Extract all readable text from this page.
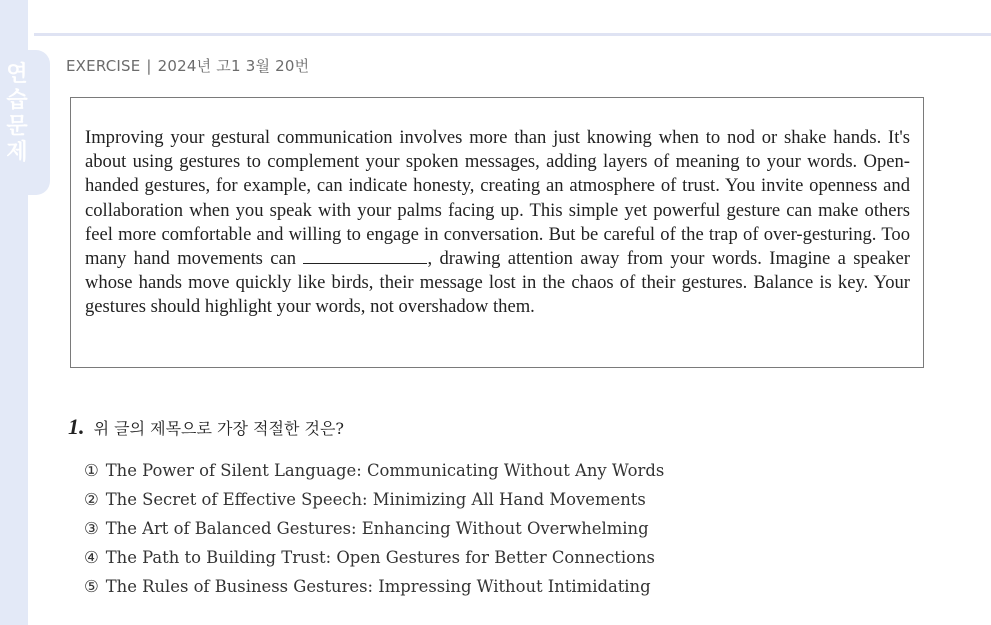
연
습
문
제
EXERCISE | 2024년 고1 3월 20번

Improving your gestural communication involves more than just knowing when to nod or shake hands. It's about using gestures to complement your spoken messages, adding layers of meaning to your words. Open-handed gestures, for example, can indicate honesty, creating an atmosphere of trust. You invite openness and collaboration when you speak with your palms facing up. This simple yet powerful gesture can make others feel more comfortable and willing to engage in conversation. But be careful of the trap of over-gesturing. Too many hand movements can	, drawing attention away from your words. Imagine a speaker whose hands move quickly like birds, their message lost in the chaos of their gestures. Balance is key. Your gestures should highlight your words, not overshadow them.

1. 위 글의 제목으로 가장 적절한 것은?
① The Power of Silent Language: Communicating Without Any Words
② The Secret of Effective Speech: Minimizing All Hand Movements
③ The Art of Balanced Gestures: Enhancing Without Overwhelming
④ The Path to Building Trust: Open Gestures for Better Connections
⑤ The Rules of Business Gestures: Impressing Without Intimidating
